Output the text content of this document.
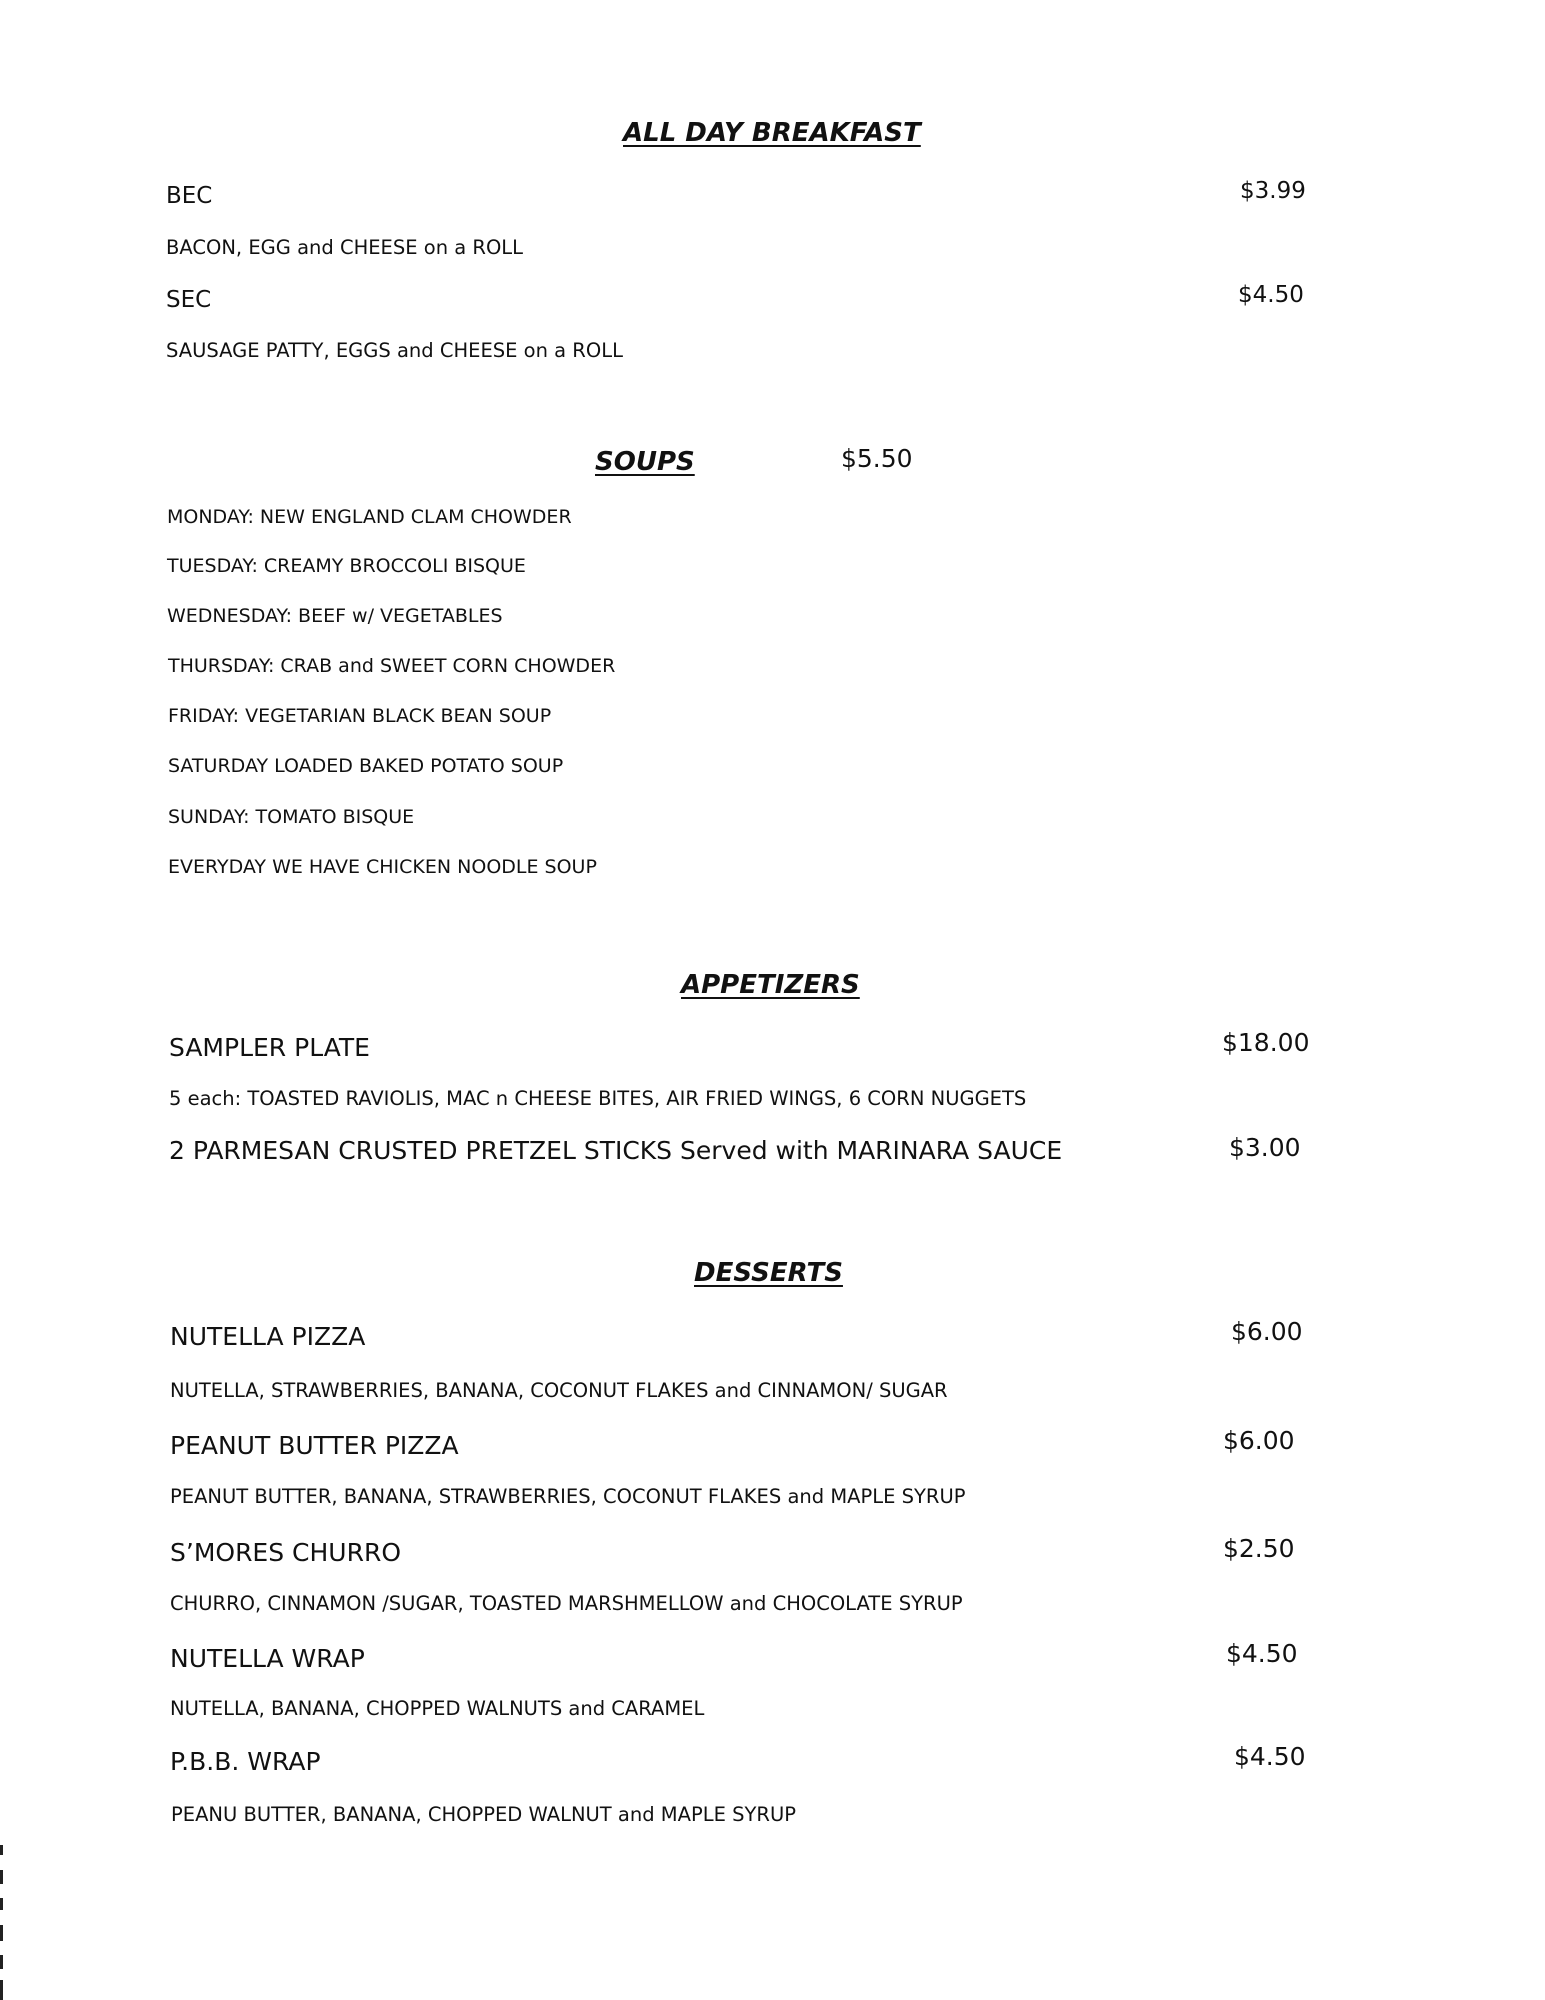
ALL DAY BREAKFAST
BEC	$3.99
BACON, EGG and CHEESE on a ROLL
SEC	$4.50
SAUSAGE PATTY, EGGS and CHEESE on a ROLL
SOUPS	$5.50
MONDAY: NEW ENGLAND CLAM CHOWDER
TUESDAY: CREAMY BROCCOLI BISQUE
WEDNESDAY: BEEF w/ VEGETABLES
THURSDAY: CRAB and SWEET CORN CHOWDER
FRIDAY: VEGETARIAN BLACK BEAN SOUP
SATURDAY LOADED BAKED POTATO SOUP
SUNDAY: TOMATO BISQUE
EVERYDAY WE HAVE CHICKEN NOODLE SOUP
APPETIZERS
SAMPLER PLATE	$18.00
5 each: TOASTED RAVIOLIS, MAC n CHEESE BITES, AIR FRIED WINGS, 6 CORN NUGGETS
2 PARMESAN CRUSTED PRETZEL STICKS Served with MARINARA SAUCE	$3.00
DESSERTS
NUTELLA PIZZA	$6.00
NUTELLA, STRAWBERRIES, BANANA, COCONUT FLAKES and CINNAMON/ SUGAR
PEANUT BUTTER PIZZA	$6.00
PEANUT BUTTER, BANANA, STRAWBERRIES, COCONUT FLAKES and MAPLE SYRUP
S’MORES CHURRO	$2.50
CHURRO, CINNAMON /SUGAR, TOASTED MARSHMELLOW and CHOCOLATE SYRUP
NUTELLA WRAP	$4.50
NUTELLA, BANANA, CHOPPED WALNUTS and CARAMEL
P.B.B. WRAP	$4.50
PEANU BUTTER, BANANA, CHOPPED WALNUT and MAPLE SYRUP
